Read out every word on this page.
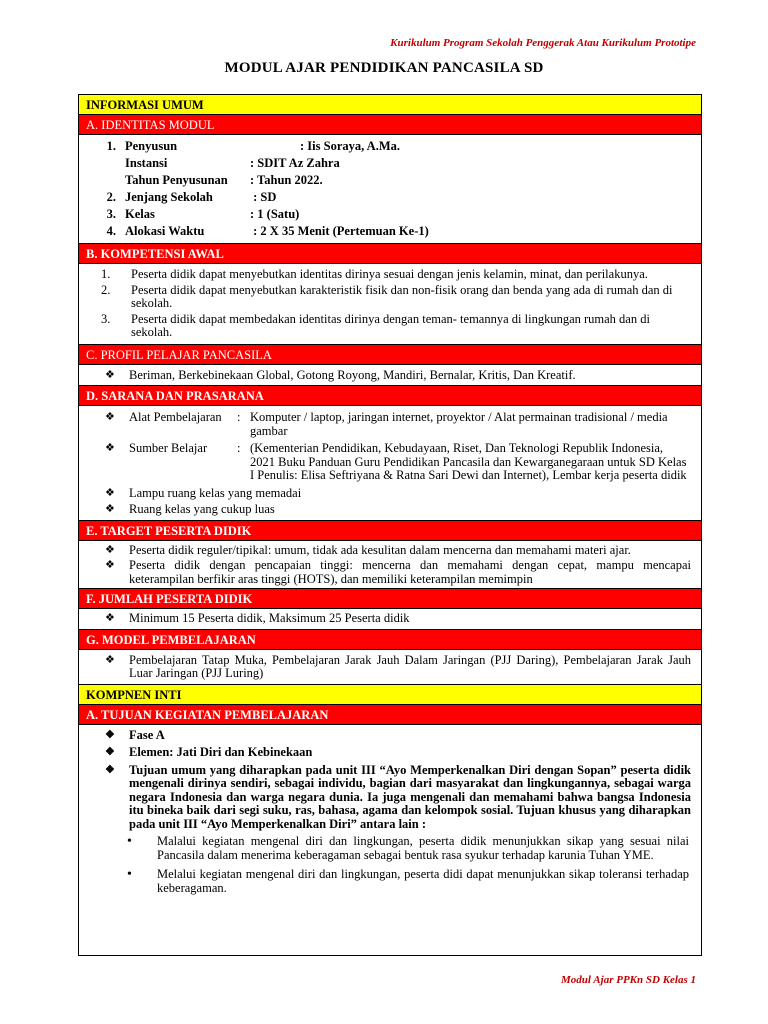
Kurikulum Program Sekolah Penggerak Atau Kurikulum Prototipe
MODUL AJAR PENDIDIKAN PANCASILA SD
INFORMASI UMUM
A. IDENTITAS MODUL
1. Penyusun	: Iis Soraya, A.Ma.
Instansi	: SDIT Az Zahra
Tahun Penyusunan	: Tahun 2022.
2. Jenjang Sekolah	: SD
3. Kelas	: 1 (Satu)
4. Alokasi Waktu	: 2 X 35 Menit (Pertemuan Ke-1)
B. KOMPETENSI AWAL
1.	Peserta didik dapat menyebutkan identitas dirinya sesuai dengan jenis kelamin, minat, dan perilakunya.
2.	Peserta didik dapat menyebutkan karakteristik fisik dan non-fisik orang dan benda yang ada di rumah dan di sekolah.
3.	Peserta didik dapat membedakan identitas dirinya dengan teman- temannya di lingkungan rumah dan di sekolah.
C. PROFIL PELAJAR PANCASILA
❖	Beriman, Berkebinekaan Global, Gotong Royong, Mandiri, Bernalar, Kritis, Dan Kreatif.
D. SARANA DAN PRASARANA
❖	Alat Pembelajaran	: Komputer / laptop, jaringan internet, proyektor / Alat permainan tradisional / media gambar
❖	Sumber Belajar	: (Kementerian Pendidikan, Kebudayaan, Riset, Dan Teknologi Republik Indonesia, 2021 Buku Panduan Guru Pendidikan Pancasila dan Kewarganegaraan untuk SD Kelas I Penulis: Elisa Seftriyana & Ratna Sari Dewi dan Internet), Lembar kerja peserta didik
❖	Lampu ruang kelas yang memadai
❖	Ruang kelas yang cukup luas
E. TARGET PESERTA DIDIK
❖	Peserta didik reguler/tipikal: umum, tidak ada kesulitan dalam mencerna dan memahami materi ajar.
❖	Peserta didik dengan pencapaian tinggi: mencerna dan memahami dengan cepat, mampu mencapai keterampilan berfikir aras tinggi (HOTS), dan memiliki keterampilan memimpin
F. JUMLAH PESERTA DIDIK
❖	Minimum 15 Peserta didik, Maksimum 25 Peserta didik
G. MODEL PEMBELAJARAN
❖	Pembelajaran Tatap Muka, Pembelajaran Jarak Jauh Dalam Jaringan (PJJ Daring), Pembelajaran Jarak Jauh Luar Jaringan (PJJ Luring)
KOMPNEN INTI
A. TUJUAN KEGIATAN PEMBELAJARAN
❖	Fase A
❖	Elemen: Jati Diri dan Kebinekaan
❖	Tujuan umum yang diharapkan pada unit III “Ayo Memperkenalkan Diri dengan Sopan” peserta didik mengenali dirinya sendiri, sebagai individu, bagian dari masyarakat dan lingkungannya, sebagai warga negara Indonesia dan warga negara dunia. Ia juga mengenali dan memahami bahwa bangsa Indonesia itu bineka baik dari segi suku, ras, bahasa, agama dan kelompok sosial. Tujuan khusus yang diharapkan pada unit III “Ayo Memperkenalkan Diri” antara lain :
•	Malalui kegiatan mengenal diri dan lingkungan, peserta didik menunjukkan sikap yang sesuai nilai Pancasila dalam menerima keberagaman sebagai bentuk rasa syukur terhadap karunia Tuhan YME.
•	Melalui kegiatan mengenal diri dan lingkungan, peserta didi dapat menunjukkan sikap toleransi terhadap keberagaman.
Modul Ajar PPKn SD Kelas 1
